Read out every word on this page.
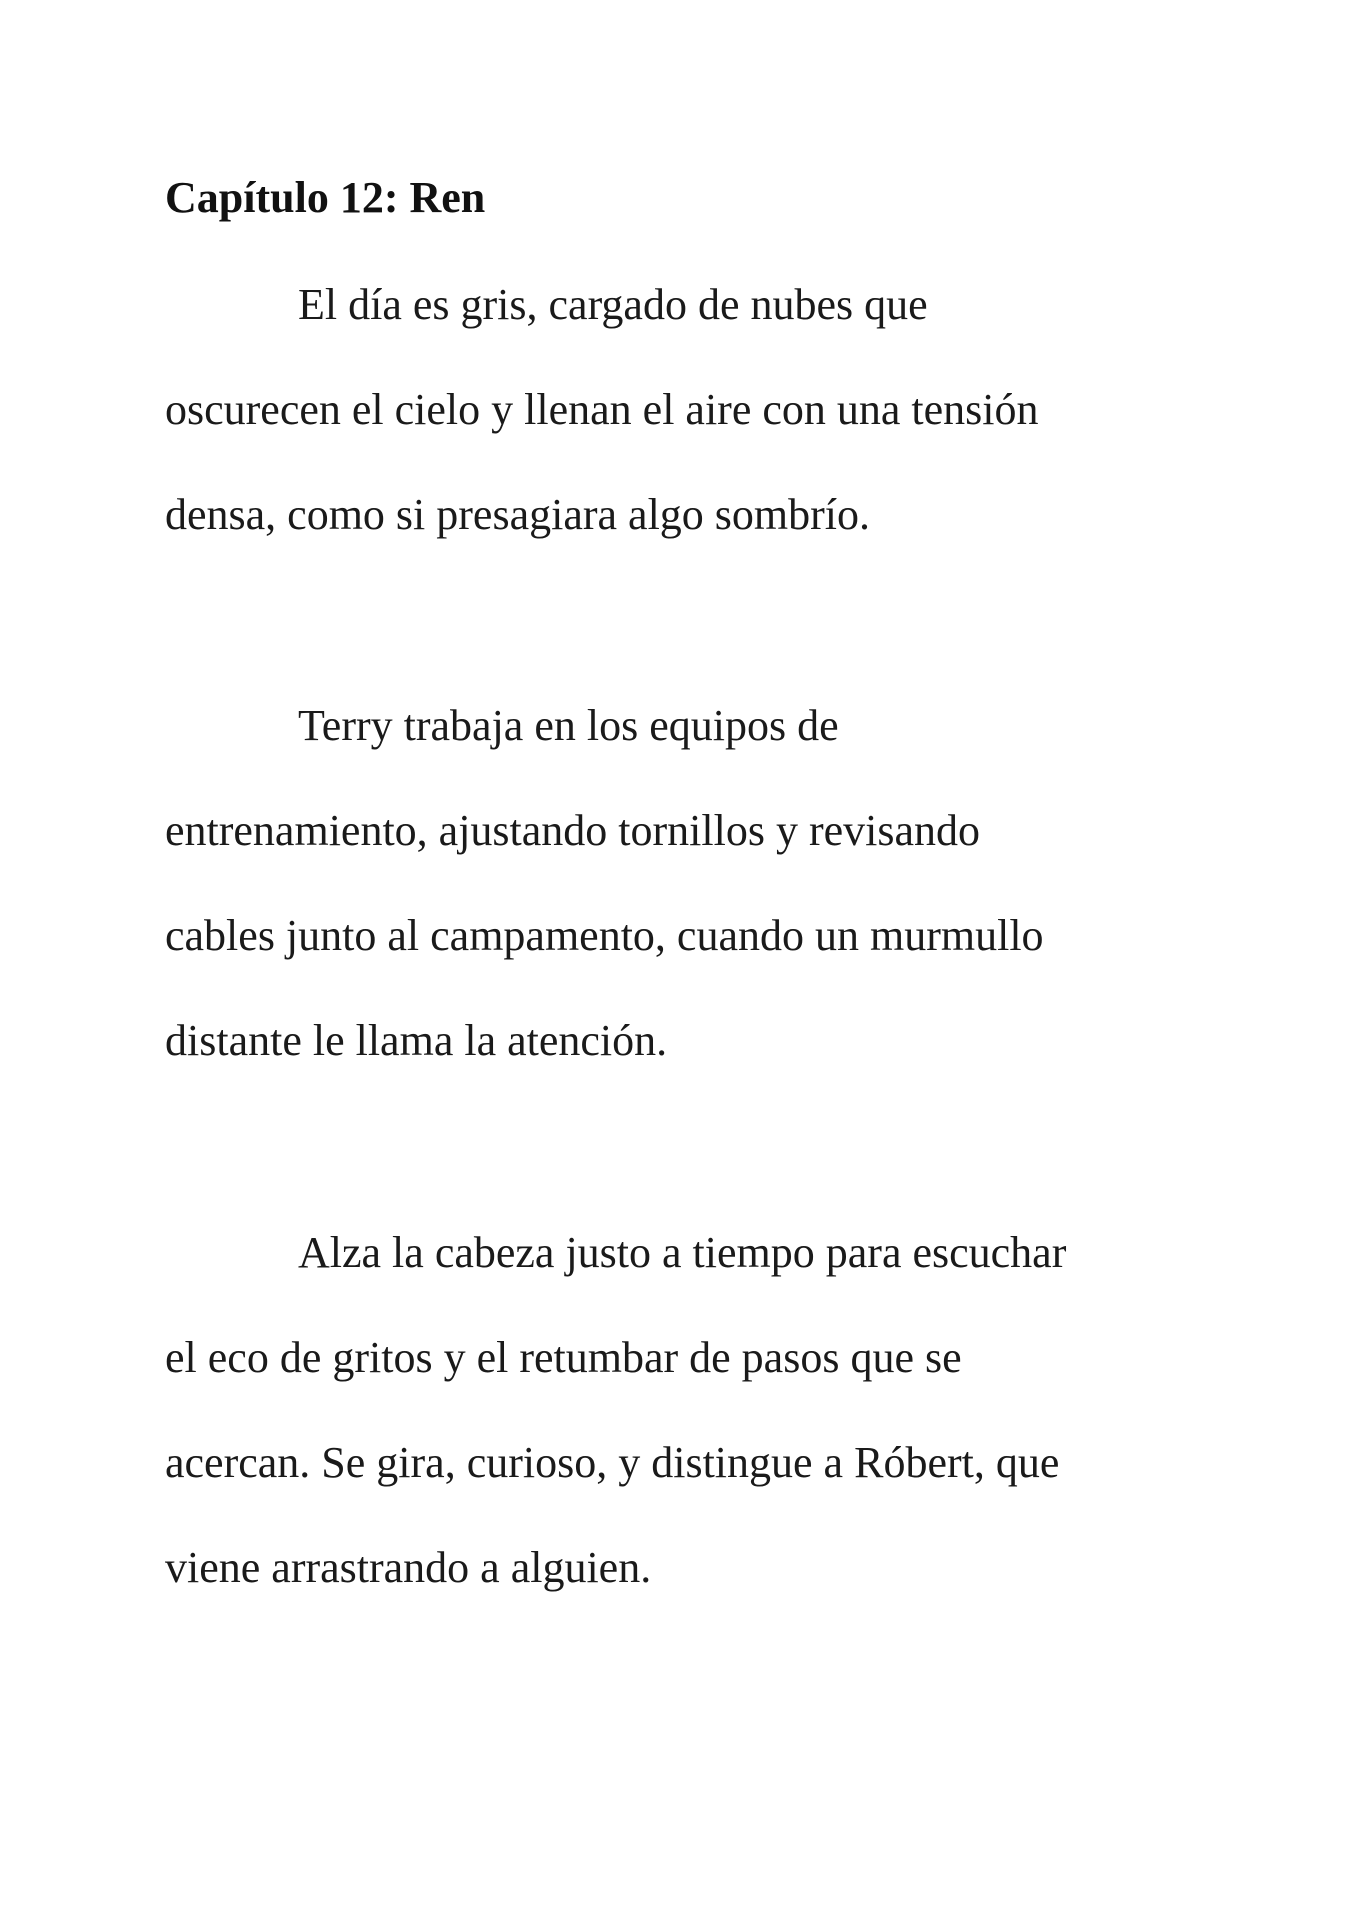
Capítulo 12: Ren
El día es gris, cargado de nubes que
oscurecen el cielo y llenan el aire con una tensión
densa, como si presagiara algo sombrío.
Terry trabaja en los equipos de
entrenamiento, ajustando tornillos y revisando
cables junto al campamento, cuando un murmullo
distante le llama la atención.
Alza la cabeza justo a tiempo para escuchar
el eco de gritos y el retumbar de pasos que se
acercan. Se gira, curioso, y distingue a Róbert, que
viene arrastrando a alguien.
